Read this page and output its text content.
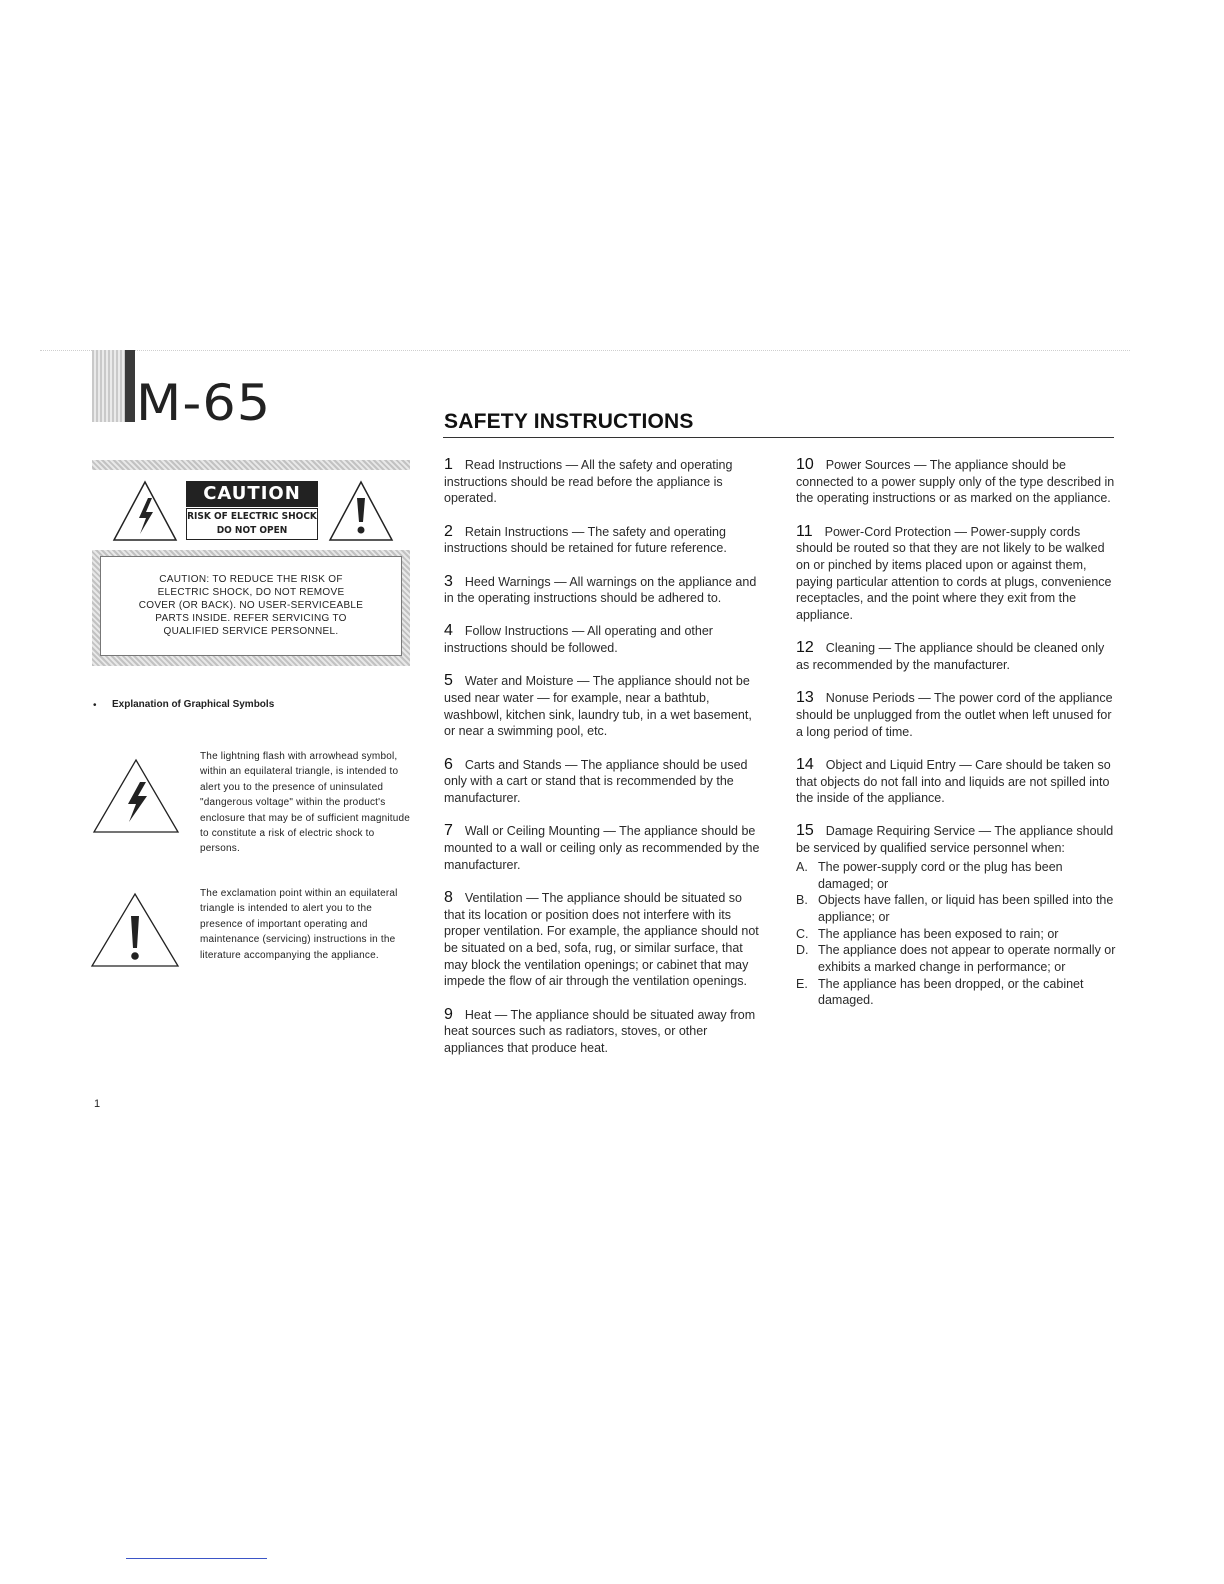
M-65
CAUTION
RISK OF ELECTRIC SHOCK
DO NOT OPEN
CAUTION: TO REDUCE THE RISK OF
ELECTRIC SHOCK, DO NOT REMOVE
COVER (OR BACK). NO USER-SERVICEABLE
PARTS INSIDE. REFER SERVICING TO
QUALIFIED SERVICE PERSONNEL.
• Explanation of Graphical Symbols
The lightning flash with arrowhead symbol, within an equilateral triangle, is intended to alert you to the presence of uninsulated "dangerous voltage" within the product's enclosure that may be of sufficient magnitude to constitute a risk of electric shock to persons.
The exclamation point within an equilateral triangle is intended to alert you to the presence of important operating and maintenance (servicing) instructions in the literature accompanying the appliance.
1
SAFETY INSTRUCTIONS
1 Read Instructions — All the safety and operating instructions should be read before the appliance is operated.
2 Retain Instructions — The safety and operating instructions should be retained for future reference.
3 Heed Warnings — All warnings on the appliance and in the operating instructions should be adhered to.
4 Follow Instructions — All operating and other instructions should be followed.
5 Water and Moisture — The appliance should not be used near water — for example, near a bathtub, washbowl, kitchen sink, laundry tub, in a wet basement, or near a swimming pool, etc.
6 Carts and Stands — The appliance should be used only with a cart or stand that is recommended by the manufacturer.
7 Wall or Ceiling Mounting — The appliance should be mounted to a wall or ceiling only as recommended by the manufacturer.
8 Ventilation — The appliance should be situated so that its location or position does not interfere with its proper ventilation. For example, the appliance should not be situated on a bed, sofa, rug, or similar surface, that may block the ventilation openings; or cabinet that may impede the flow of air through the ventilation openings.
9 Heat — The appliance should be situated away from heat sources such as radiators, stoves, or other appliances that produce heat.
10 Power Sources — The appliance should be connected to a power supply only of the type described in the operating instructions or as marked on the appliance.
11 Power-Cord Protection — Power-supply cords should be routed so that they are not likely to be walked on or pinched by items placed upon or against them, paying particular attention to cords at plugs, convenience receptacles, and the point where they exit from the appliance.
12 Cleaning — The appliance should be cleaned only as recommended by the manufacturer.
13 Nonuse Periods — The power cord of the appliance should be unplugged from the outlet when left unused for a long period of time.
14 Object and Liquid Entry — Care should be taken so that objects do not fall into and liquids are not spilled into the inside of the appliance.
15 Damage Requiring Service — The appliance should be serviced by qualified service personnel when:
A. The power-supply cord or the plug has been damaged; or
B. Objects have fallen, or liquid has been spilled into the appliance; or
C. The appliance has been exposed to rain; or
D. The appliance does not appear to operate normally or exhibits a marked change in performance; or
E. The appliance has been dropped, or the cabinet damaged.
